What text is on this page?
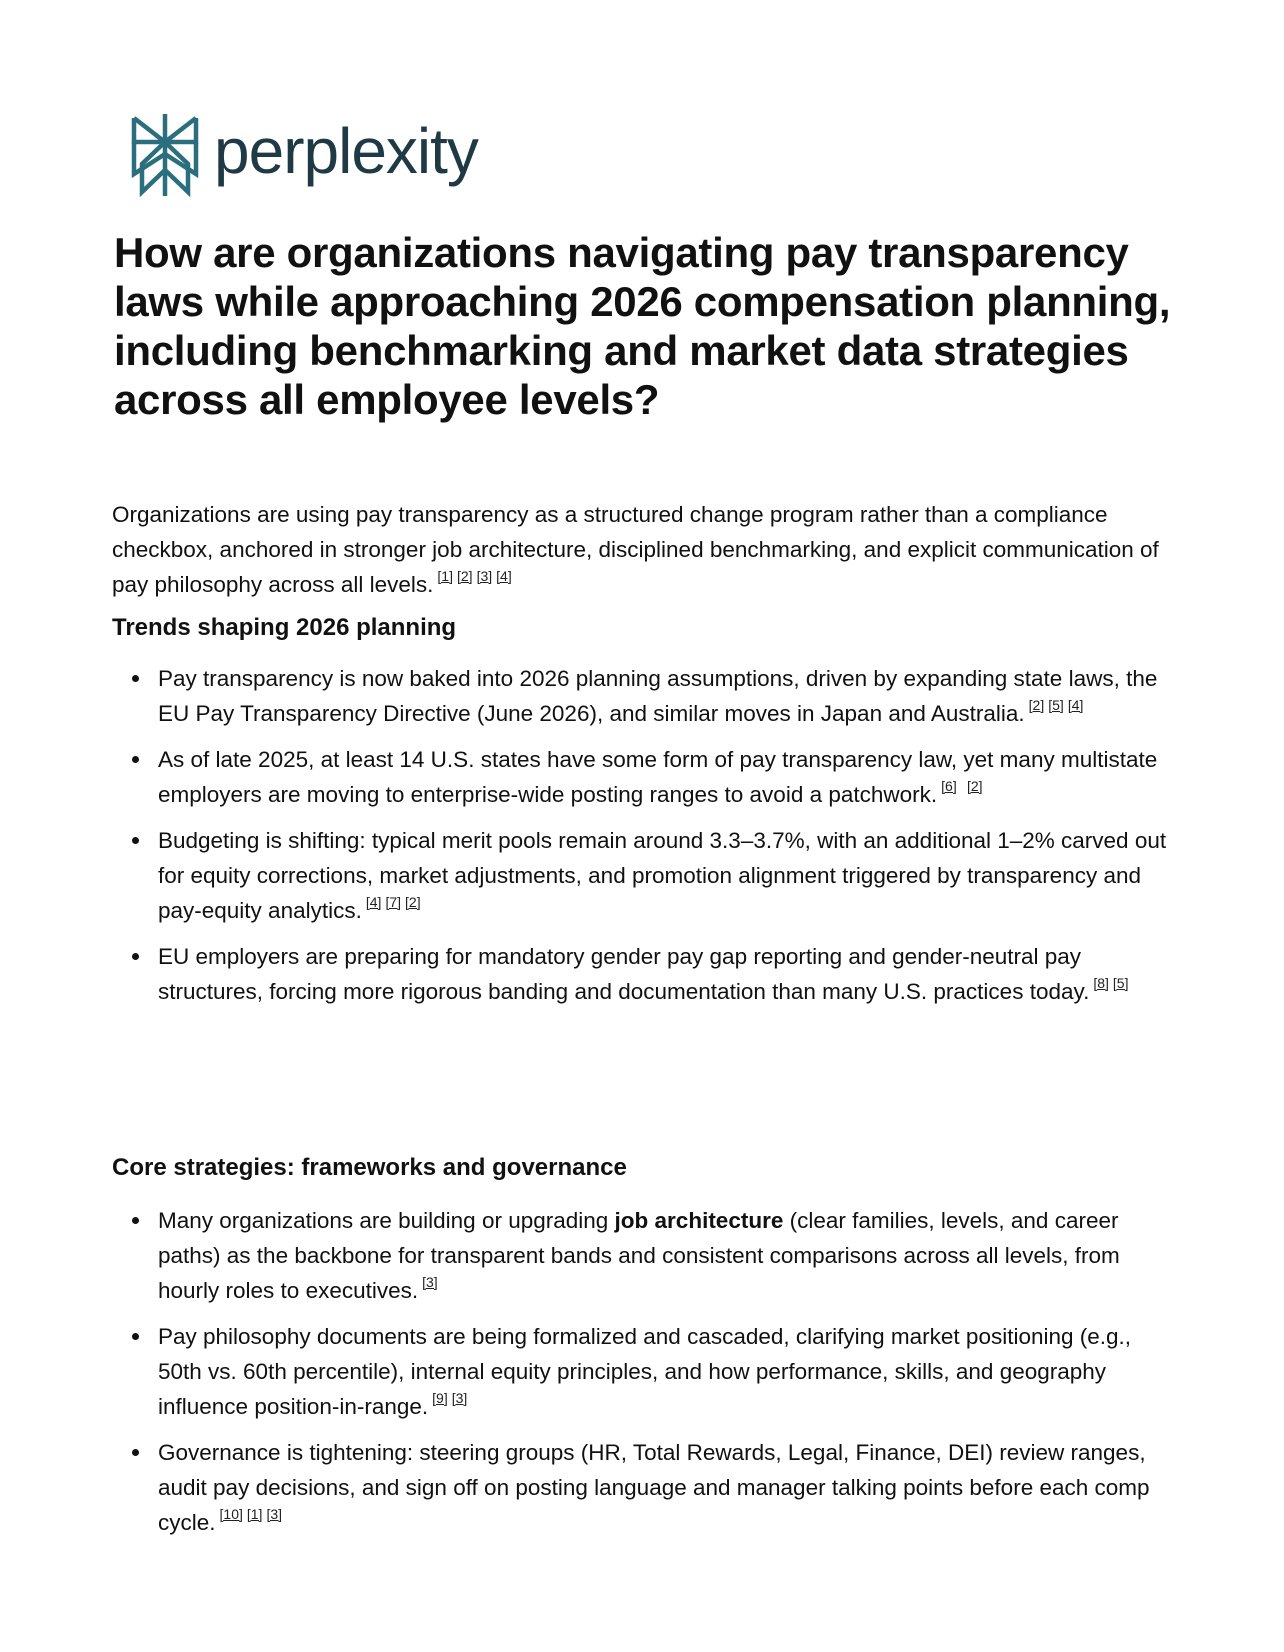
perplexity
How are organizations navigating pay transparency laws while approaching 2026 compensation planning, including benchmarking and market data strategies across all employee levels?

Organizations are using pay transparency as a structured change program rather than a compliance checkbox, anchored in stronger job architecture, disciplined benchmarking, and explicit communication of pay philosophy across all levels. [1] [2] [3] [4]

Trends shaping 2026 planning
Pay transparency is now baked into 2026 planning assumptions, driven by expanding state laws, the EU Pay Transparency Directive (June 2026), and similar moves in Japan and Australia. [2] [5] [4]
As of late 2025, at least 14 U.S. states have some form of pay transparency law, yet many multistate employers are moving to enterprise-wide posting ranges to avoid a patchwork. [6] [2]
Budgeting is shifting: typical merit pools remain around 3.3–3.7%, with an additional 1–2% carved out for equity corrections, market adjustments, and promotion alignment triggered by transparency and pay-equity analytics. [4] [7] [2]
EU employers are preparing for mandatory gender pay gap reporting and gender-neutral pay structures, forcing more rigorous banding and documentation than many U.S. practices today. [8] [5]
Core strategies: frameworks and governance
Many organizations are building or upgrading job architecture (clear families, levels, and career paths) as the backbone for transparent bands and consistent comparisons across all levels, from hourly roles to executives. [3]
Pay philosophy documents are being formalized and cascaded, clarifying market positioning (e.g., 50th vs. 60th percentile), internal equity principles, and how performance, skills, and geography influence position-in-range. [9] [3]
Governance is tightening: steering groups (HR, Total Rewards, Legal, Finance, DEI) review ranges, audit pay decisions, and sign off on posting language and manager talking points before each comp cycle. [10] [1] [3]
